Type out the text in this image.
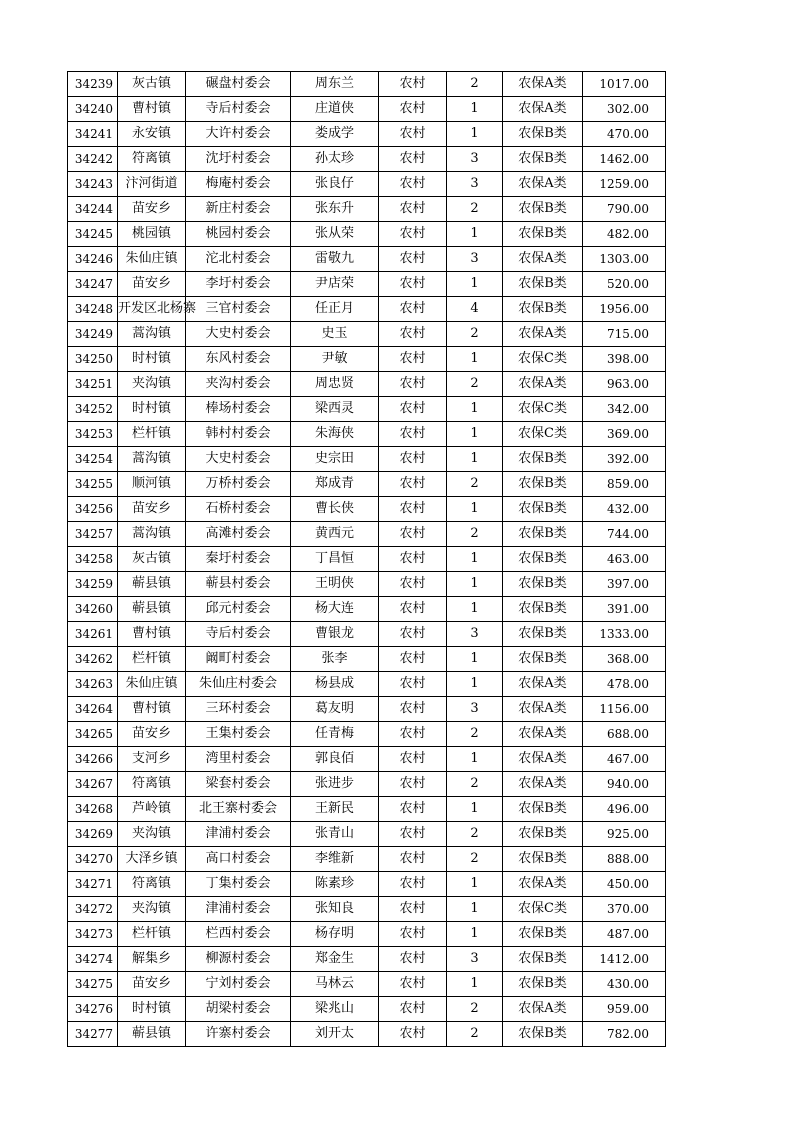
34239	灰古镇	碾盘村委会	周东兰	农村	2	农保A类	1017.00
34240	曹村镇	寺后村委会	庄道侠	农村	1	农保A类	302.00
34241	永安镇	大许村委会	娄成学	农村	1	农保B类	470.00
34242	符离镇	沈圩村委会	孙太珍	农村	3	农保B类	1462.00
34243	汴河街道	梅庵村委会	张良仔	农村	3	农保A类	1259.00
34244	苗安乡	新庄村委会	张东升	农村	2	农保B类	790.00
34245	桃园镇	桃园村委会	张从荣	农村	1	农保B类	482.00
34246	朱仙庄镇	沱北村委会	雷敬九	农村	3	农保A类	1303.00
34247	苗安乡	李圩村委会	尹店荣	农村	1	农保B类	520.00
34248	开发区北杨寨	三官村委会	任正月	农村	4	农保B类	1956.00
34249	蒿沟镇	大史村委会	史玉	农村	2	农保A类	715.00
34250	时村镇	东风村委会	尹敏	农村	1	农保C类	398.00
34251	夹沟镇	夹沟村委会	周忠贤	农村	2	农保A类	963.00
34252	时村镇	棒场村委会	梁西灵	农村	1	农保C类	342.00
34253	栏杆镇	韩村村委会	朱海侠	农村	1	农保C类	369.00
34254	蒿沟镇	大史村委会	史宗田	农村	1	农保B类	392.00
34255	顺河镇	万桥村委会	郑成青	农村	2	农保B类	859.00
34256	苗安乡	石桥村委会	曹长侠	农村	1	农保B类	432.00
34257	蒿沟镇	高滩村委会	黄西元	农村	2	农保B类	744.00
34258	灰古镇	秦圩村委会	丁昌恒	农村	1	农保B类	463.00
34259	蕲县镇	蕲县村委会	王明侠	农村	1	农保B类	397.00
34260	蕲县镇	邱元村委会	杨大连	农村	1	农保B类	391.00
34261	曹村镇	寺后村委会	曹银龙	农村	3	农保B类	1333.00
34262	栏杆镇	阚町村委会	张李	农村	1	农保B类	368.00
34263	朱仙庄镇	朱仙庄村委会	杨县成	农村	1	农保A类	478.00
34264	曹村镇	三环村委会	葛友明	农村	3	农保A类	1156.00
34265	苗安乡	王集村委会	任青梅	农村	2	农保A类	688.00
34266	支河乡	湾里村委会	郭良佰	农村	1	农保A类	467.00
34267	符离镇	梁套村委会	张进步	农村	2	农保A类	940.00
34268	芦岭镇	北王寨村委会	王新民	农村	1	农保B类	496.00
34269	夹沟镇	津浦村委会	张青山	农村	2	农保B类	925.00
34270	大泽乡镇	高口村委会	李维新	农村	2	农保B类	888.00
34271	符离镇	丁集村委会	陈素珍	农村	1	农保A类	450.00
34272	夹沟镇	津浦村委会	张知良	农村	1	农保C类	370.00
34273	栏杆镇	栏西村委会	杨存明	农村	1	农保B类	487.00
34274	解集乡	柳源村委会	郑金生	农村	3	农保B类	1412.00
34275	苗安乡	宁刘村委会	马林云	农村	1	农保B类	430.00
34276	时村镇	胡梁村委会	梁兆山	农村	2	农保A类	959.00
34277	蕲县镇	许寨村委会	刘开太	农村	2	农保B类	782.00
